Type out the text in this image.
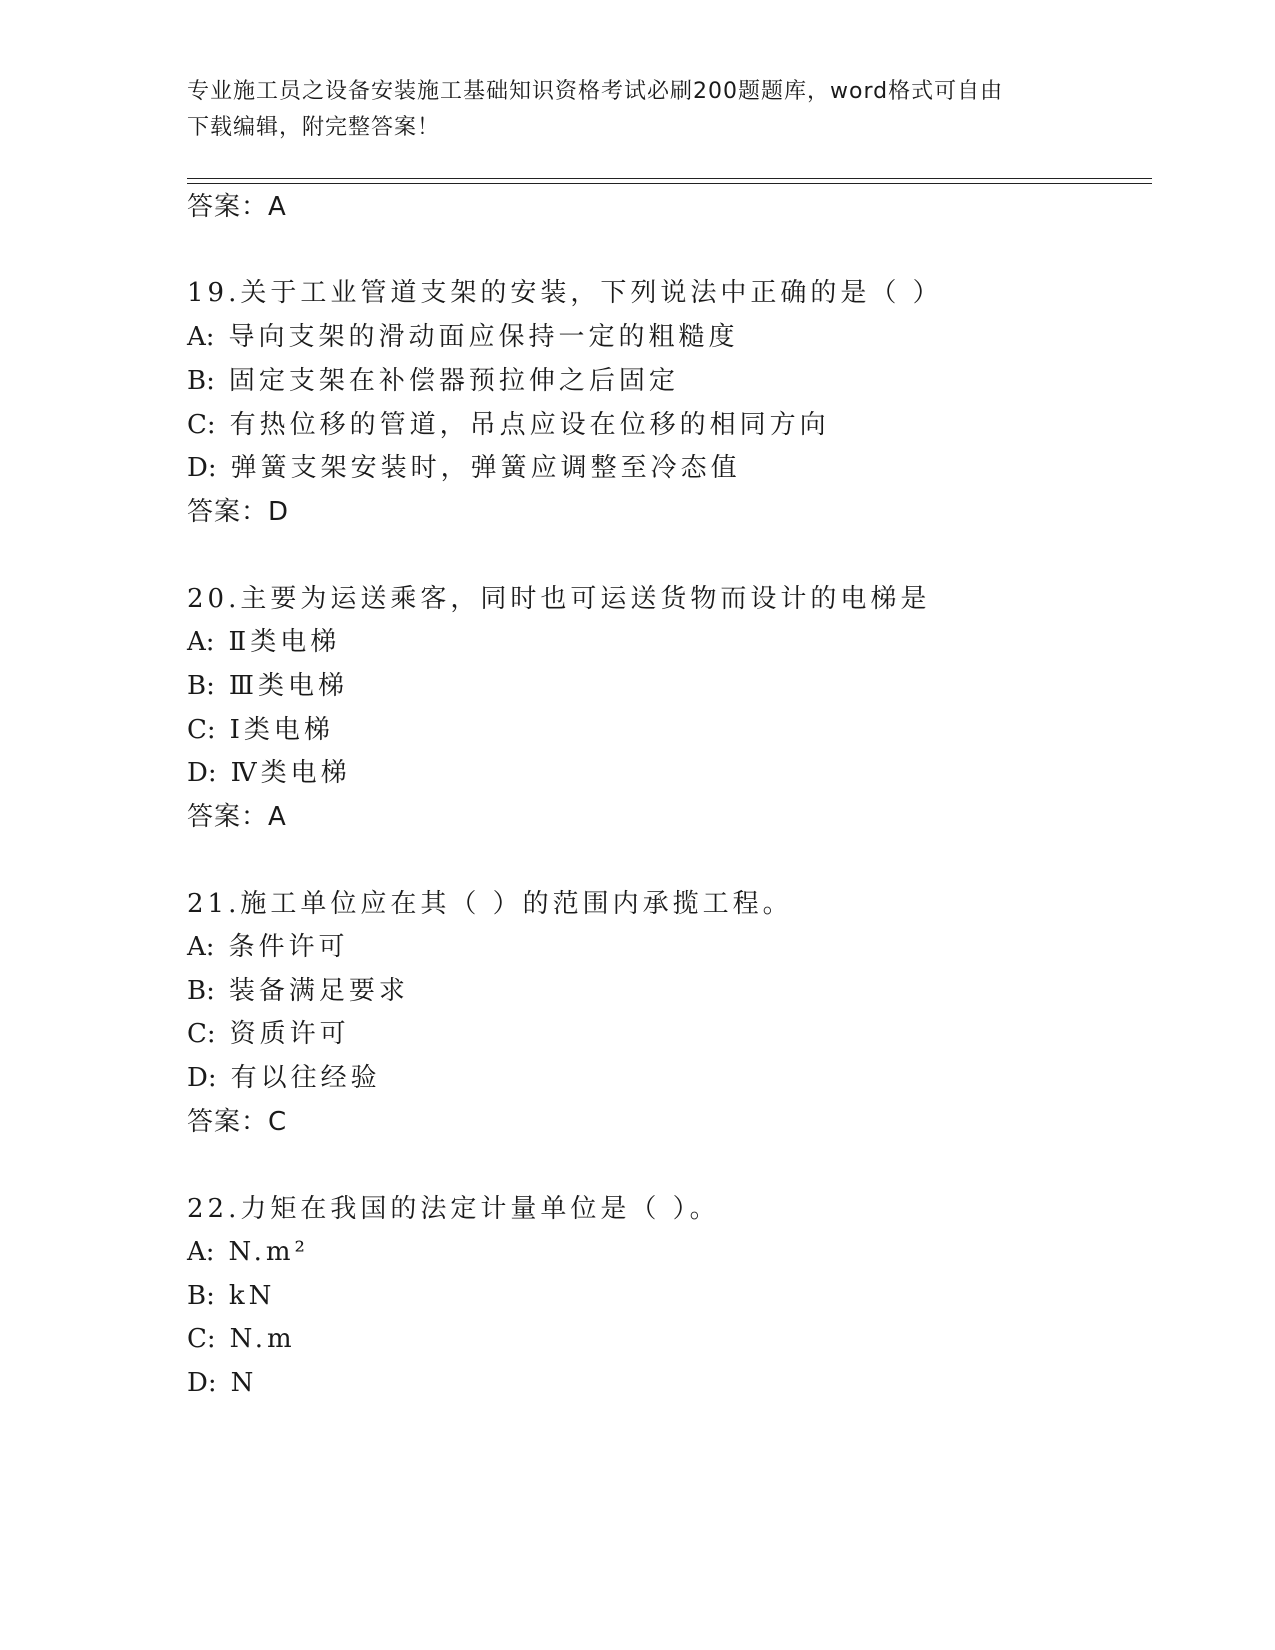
专业施工员之设备安装施工基础知识资格考试必刷200题题库，word格式可自由
下载编辑，附完整答案！
答案：A
19.关于工业管道支架的安装，下列说法中正确的是（ ）
A: 导向支架的滑动面应保持一定的粗糙度
B: 固定支架在补偿器预拉伸之后固定
C: 有热位移的管道，吊点应设在位移的相同方向
D: 弹簧支架安装时，弹簧应调整至冷态值
答案：D
20.主要为运送乘客，同时也可运送货物而设计的电梯是
A: Ⅱ类电梯
B: Ⅲ类电梯
C: Ⅰ类电梯
D: Ⅳ类电梯
答案：A
21.施工单位应在其（ ）的范围内承揽工程。
A: 条件许可
B: 装备满足要求
C: 资质许可
D: 有以往经验
答案：C
22.力矩在我国的法定计量单位是（ ）。
A: N.m²
B: kN
C: N.m
D: N
